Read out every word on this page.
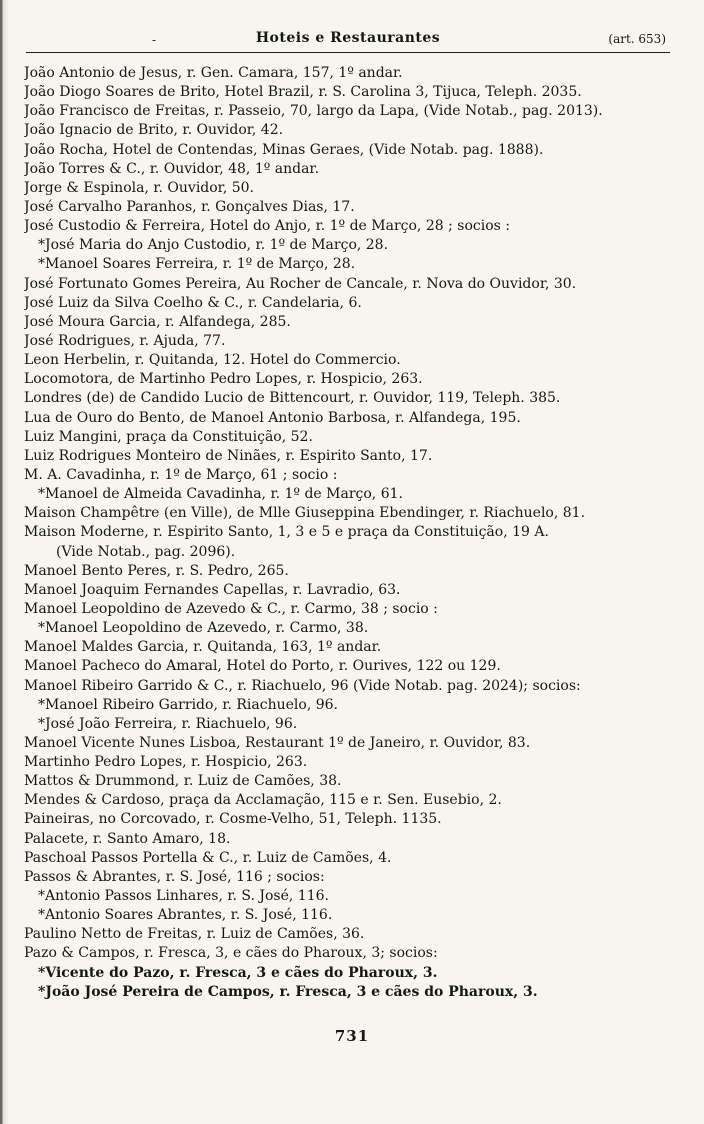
-	Hoteis e Restaurantes	(art. 653)
João Antonio de Jesus, r. Gen. Camara, 157, 1º andar.
João Diogo Soares de Brito, Hotel Brazil, r. S. Carolina 3, Tijuca, Teleph. 2035.
João Francisco de Freitas, r. Passeio, 70, largo da Lapa, (Vide Notab., pag. 2013).
João Ignacio de Brito, r. Ouvidor, 42.
João Rocha, Hotel de Contendas, Minas Geraes, (Vide Notab. pag. 1888).
João Torres & C., r. Ouvidor, 48, 1º andar.
Jorge & Espinola, r. Ouvidor, 50.
José Carvalho Paranhos, r. Gonçalves Dias, 17.
José Custodio & Ferreira, Hotel do Anjo, r. 1º de Março, 28 ; socios :
*José Maria do Anjo Custodio, r. 1º de Março, 28.
*Manoel Soares Ferreira, r. 1º de Março, 28.
José Fortunato Gomes Pereira, Au Rocher de Cancale, r. Nova do Ouvidor, 30.
José Luiz da Silva Coelho & C., r. Candelaria, 6.
José Moura Garcia, r. Alfandega, 285.
José Rodrigues, r. Ajuda, 77.
Leon Herbelin, r. Quitanda, 12. Hotel do Commercio.
Locomotora, de Martinho Pedro Lopes, r. Hospicio, 263.
Londres (de) de Candido Lucio de Bittencourt, r. Ouvidor, 119, Teleph. 385.
Lua de Ouro do Bento, de Manoel Antonio Barbosa, r. Alfandega, 195.
Luiz Mangini, praça da Constituição, 52.
Luiz Rodrigues Monteiro de Ninães, r. Espirito Santo, 17.
M. A. Cavadinha, r. 1º de Março, 61 ; socio :
*Manoel de Almeida Cavadinha, r. 1º de Março, 61.
Maison Champêtre (en Ville), de Mlle Giuseppina Ebendinger, r. Riachuelo, 81.
Maison Moderne, r. Espirito Santo, 1, 3 e 5 e praça da Constituição, 19 A.
(Vide Notab., pag. 2096).
Manoel Bento Peres, r. S. Pedro, 265.
Manoel Joaquim Fernandes Capellas, r. Lavradio, 63.
Manoel Leopoldino de Azevedo & C., r. Carmo, 38 ; socio :
*Manoel Leopoldino de Azevedo, r. Carmo, 38.
Manoel Maldes Garcia, r. Quitanda, 163, 1º andar.
Manoel Pacheco do Amaral, Hotel do Porto, r. Ourives, 122 ou 129.
Manoel Ribeiro Garrido & C., r. Riachuelo, 96 (Vide Notab. pag. 2024); socios:
*Manoel Ribeiro Garrido, r. Riachuelo, 96.
*José João Ferreira, r. Riachuelo, 96.
Manoel Vicente Nunes Lisboa, Restaurant 1º de Janeiro, r. Ouvidor, 83.
Martinho Pedro Lopes, r. Hospicio, 263.
Mattos & Drummond, r. Luiz de Camões, 38.
Mendes & Cardoso, praça da Acclamação, 115 e r. Sen. Eusebio, 2.
Paineiras, no Corcovado, r. Cosme-Velho, 51, Teleph. 1135.
Palacete, r. Santo Amaro, 18.
Paschoal Passos Portella & C., r. Luiz de Camões, 4.
Passos & Abrantes, r. S. José, 116 ; socios:
*Antonio Passos Linhares, r. S. José, 116.
*Antonio Soares Abrantes, r. S. José, 116.
Paulino Netto de Freitas, r. Luiz de Camões, 36.
Pazo & Campos, r. Fresca, 3, e cães do Pharoux, 3; socios:
*Vicente do Pazo, r. Fresca, 3 e cães do Pharoux, 3.
*João José Pereira de Campos, r. Fresca, 3 e cães do Pharoux, 3.
731
